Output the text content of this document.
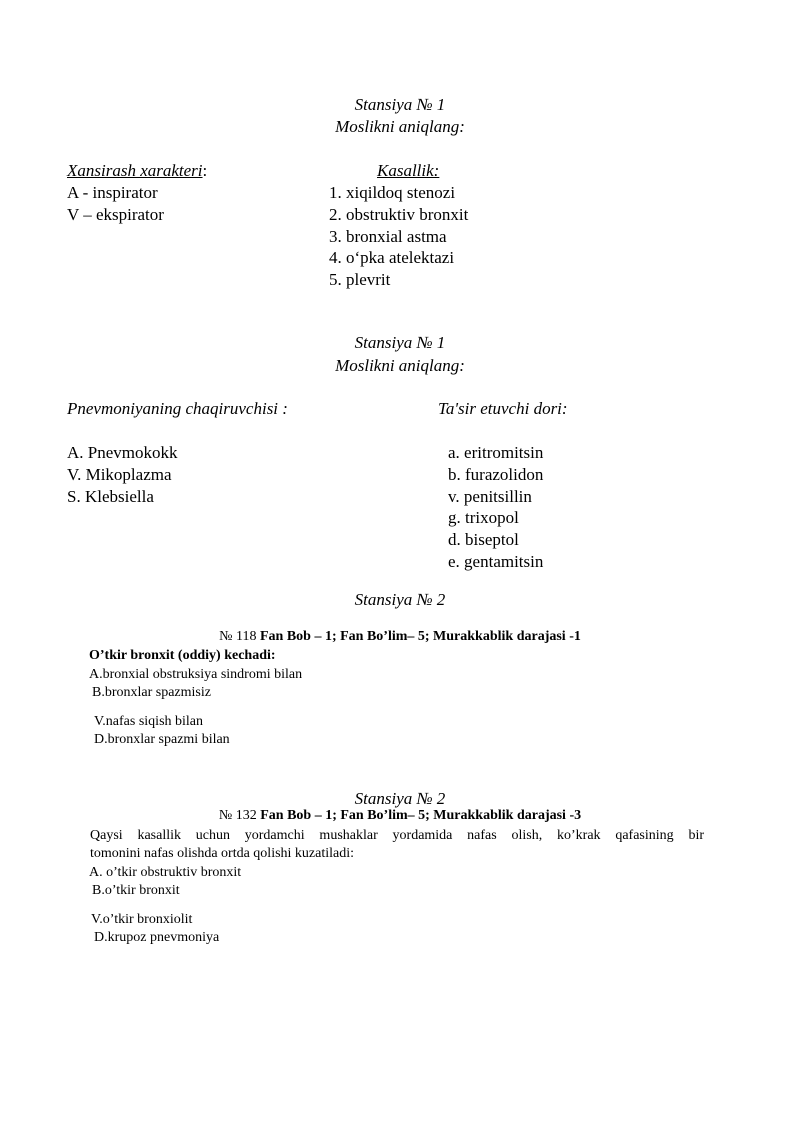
Stansiya № 1
Moslikni aniqlang:
Xansirash xarakteri:	Kasallik:
A - inspirator
V – ekspirator
1. xiqildoq stenozi
2. obstruktiv bronxit
3. bronxial astma
4. o‘pka atelektazi
5. plevrit
Stansiya № 1
Moslikni aniqlang:
Pnevmoniyaning chaqiruvchisi :	Ta'sir etuvchi dori:
A. Pnevmokokk
V. Mikoplazma
S. Klebsiella
a. eritromitsin
b. furazolidon
v. penitsillin
g. trixopol
d. biseptol
e. gentamitsin
Stansiya № 2
№ 118 Fan Bob – 1; Fan Bo’lim– 5; Murakkablik darajasi -1
O’tkir bronxit (oddiy) kechadi:
A.bronxial obstruksiya sindromi bilan
B.bronxlar spazmisiz
V.nafas siqish bilan
D.bronxlar spazmi bilan
Stansiya № 2
№ 132 Fan Bob – 1; Fan Bo’lim– 5; Murakkablik darajasi -3
Qaysi kasallik uchun yordamchi mushaklar yordamida nafas olish, ko’krak qafasining bir
tomonini nafas olishda ortda qolishi kuzatiladi:
A. o’tkir obstruktiv bronxit
B.o’tkir bronxit
V.o’tkir bronxiolit
D.krupoz pnevmoniya
